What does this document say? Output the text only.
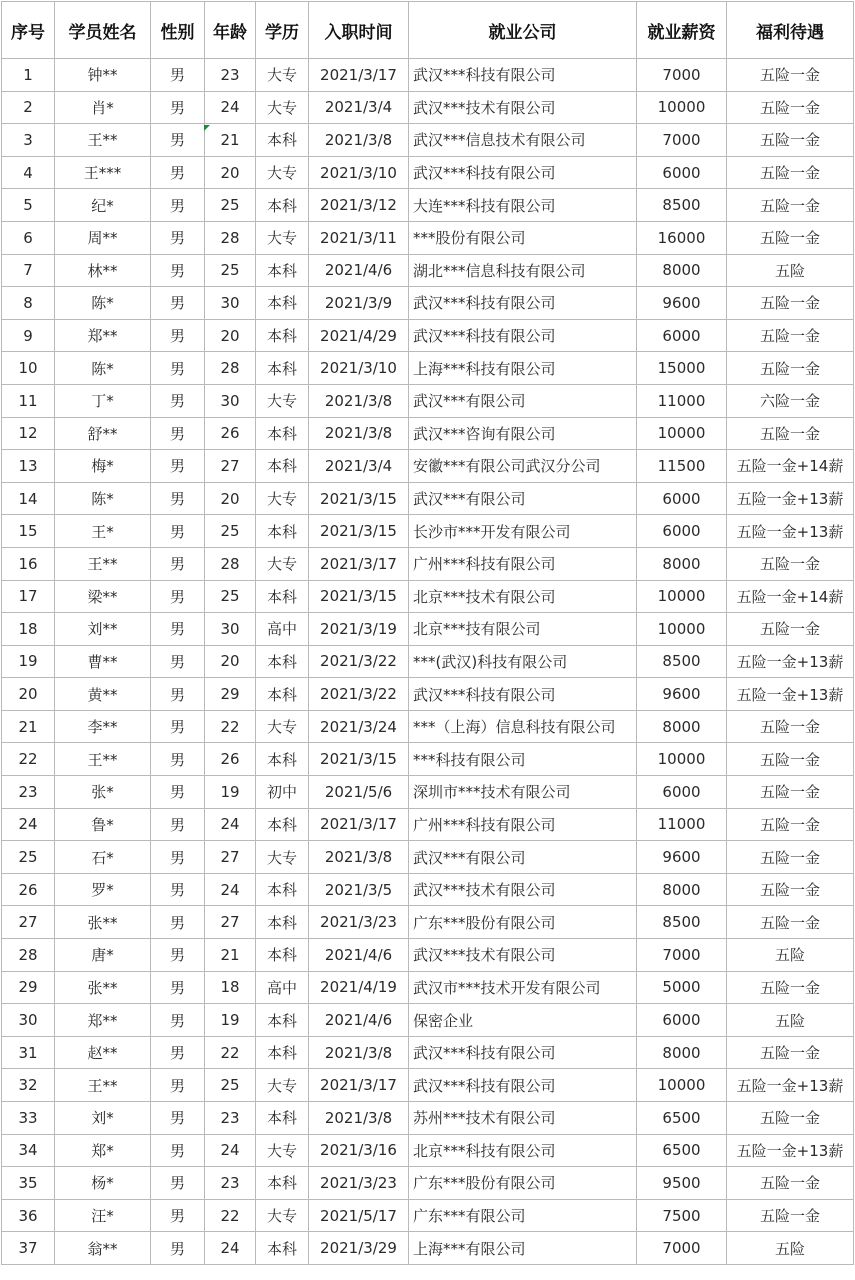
序号	学员姓名	性别	年龄	学历	入职时间	就业公司	就业薪资	福利待遇
1	钟**	男	23	大专	2021/3/17	武汉***科技有限公司	7000	五险一金
2	肖*	男	24	大专	2021/3/4	武汉***技术有限公司	10000	五险一金
3	王**	男	21	本科	2021/3/8	武汉***信息技术有限公司	7000	五险一金
4	王***	男	20	大专	2021/3/10	武汉***科技有限公司	6000	五险一金
5	纪*	男	25	本科	2021/3/12	大连***科技有限公司	8500	五险一金
6	周**	男	28	大专	2021/3/11	***股份有限公司	16000	五险一金
7	林**	男	25	本科	2021/4/6	湖北***信息科技有限公司	8000	五险
8	陈*	男	30	本科	2021/3/9	武汉***科技有限公司	9600	五险一金
9	郑**	男	20	本科	2021/4/29	武汉***科技有限公司	6000	五险一金
10	陈*	男	28	本科	2021/3/10	上海***科技有限公司	15000	五险一金
11	丁*	男	30	大专	2021/3/8	武汉***有限公司	11000	六险一金
12	舒**	男	26	本科	2021/3/8	武汉***咨询有限公司	10000	五险一金
13	梅*	男	27	本科	2021/3/4	安徽***有限公司武汉分公司	11500	五险一金+14薪
14	陈*	男	20	大专	2021/3/15	武汉***有限公司	6000	五险一金+13薪
15	王*	男	25	本科	2021/3/15	长沙市***开发有限公司	6000	五险一金+13薪
16	王**	男	28	大专	2021/3/17	广州***科技有限公司	8000	五险一金
17	梁**	男	25	本科	2021/3/15	北京***技术有限公司	10000	五险一金+14薪
18	刘**	男	30	高中	2021/3/19	北京***技有限公司	10000	五险一金
19	曹**	男	20	本科	2021/3/22	***(武汉)科技有限公司	8500	五险一金+13薪
20	黄**	男	29	本科	2021/3/22	武汉***科技有限公司	9600	五险一金+13薪
21	李**	男	22	大专	2021/3/24	***（上海）信息科技有限公司	8000	五险一金
22	王**	男	26	本科	2021/3/15	***科技有限公司	10000	五险一金
23	张*	男	19	初中	2021/5/6	深圳市***技术有限公司	6000	五险一金
24	鲁*	男	24	本科	2021/3/17	广州***科技有限公司	11000	五险一金
25	石*	男	27	大专	2021/3/8	武汉***有限公司	9600	五险一金
26	罗*	男	24	本科	2021/3/5	武汉***技术有限公司	8000	五险一金
27	张**	男	27	本科	2021/3/23	广东***股份有限公司	8500	五险一金
28	唐*	男	21	本科	2021/4/6	武汉***技术有限公司	7000	五险
29	张**	男	18	高中	2021/4/19	武汉市***技术开发有限公司	5000	五险一金
30	郑**	男	19	本科	2021/4/6	保密企业	6000	五险
31	赵**	男	22	本科	2021/3/8	武汉***科技有限公司	8000	五险一金
32	王**	男	25	大专	2021/3/17	武汉***科技有限公司	10000	五险一金+13薪
33	刘*	男	23	本科	2021/3/8	苏州***技术有限公司	6500	五险一金
34	郑*	男	24	大专	2021/3/16	北京***科技有限公司	6500	五险一金+13薪
35	杨*	男	23	本科	2021/3/23	广东***股份有限公司	9500	五险一金
36	汪*	男	22	大专	2021/5/17	广东***有限公司	7500	五险一金
37	翁**	男	24	本科	2021/3/29	上海***有限公司	7000	五险
